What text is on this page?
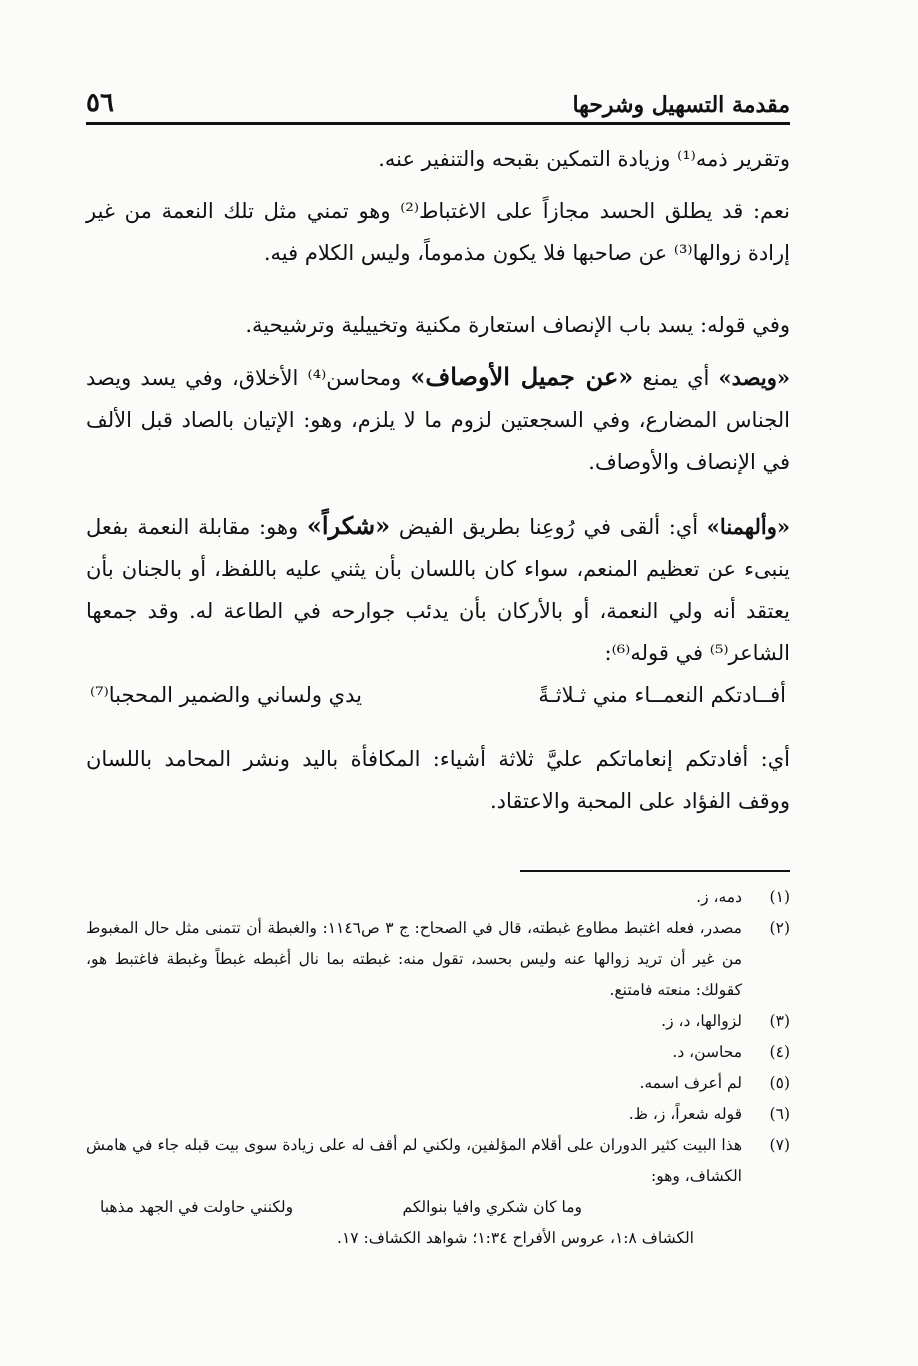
مقدمة التسهيل وشرحها
٥٦

وتقرير ذمه⁽¹⁾ وزيادة التمكين بقبحه والتنفير عنه.

نعم: قد يطلق الحسد مجازاً على الاغتباط⁽²⁾ وهو تمني مثل تلك النعمة من غير إرادة زوالها⁽³⁾ عن صاحبها فلا يكون مذموماً، وليس الكلام فيه.

وفي قوله: يسد باب الإنصاف استعارة مكنية وتخييلية وترشيحية.

«ويصد» أي يمنع «عن جميل الأوصاف» ومحاسن⁽⁴⁾ الأخلاق، وفي يسد ويصد الجناس المضارع، وفي السجعتين لزوم ما لا يلزم، وهو: الإتيان بالصاد قبل الألف في الإنصاف والأوصاف.

«وألهمنا» أي: ألقى في رُوعِنا بطريق الفيض «شكراً» وهو: مقابلة النعمة بفعل ينبىء عن تعظيم المنعم، سواء كان باللسان بأن يثني عليه باللفظ، أو بالجنان بأن يعتقد أنه ولي النعمة، أو بالأركان بأن يدئب جوارحه في الطاعة له. وقد جمعها الشاعر⁽⁵⁾ في قوله⁽⁶⁾:

أفــادتكم النعمــاء مني ثـلاثـةً
يدي ولساني والضمير المحجبا⁽⁷⁾

أي: أفادتكم إنعاماتكم عليَّ ثلاثة أشياء: المكافأة باليد ونشر المحامد باللسان ووقف الفؤاد على المحبة والاعتقاد.

(١)
دمه، ز.
(٢)
مصدر، فعله اغتبط مطاوع غبطته، قال في الصحاح: ج ٣ ص١١٤٦: والغبطة أن تتمنى مثل حال المغبوط من غير أن تريد زوالها عنه وليس بحسد، تقول منه: غبطته بما نال أغبطه غبطاً وغبطة فاغتبط هو، كقولك: منعته فامتنع.
(٣)
لزوالها، د، ز.
(٤)
محاسن، د.
(٥)
لم أعرف اسمه.
(٦)
قوله شعراً، ز، ظ.
(٧)
هذا البيت كثير الدوران على أقلام المؤلفين، ولكني لم أقف له على زيادة سوى بيت قبله جاء في هامش الكشاف، وهو:
وما كان شكري وافيا بنوالكم
ولكنني حاولت في الجهد مذهبا
الكشاف ١:٨، عروس الأفراح ١:٣٤؛ شواهد الكشاف: ١٧.
